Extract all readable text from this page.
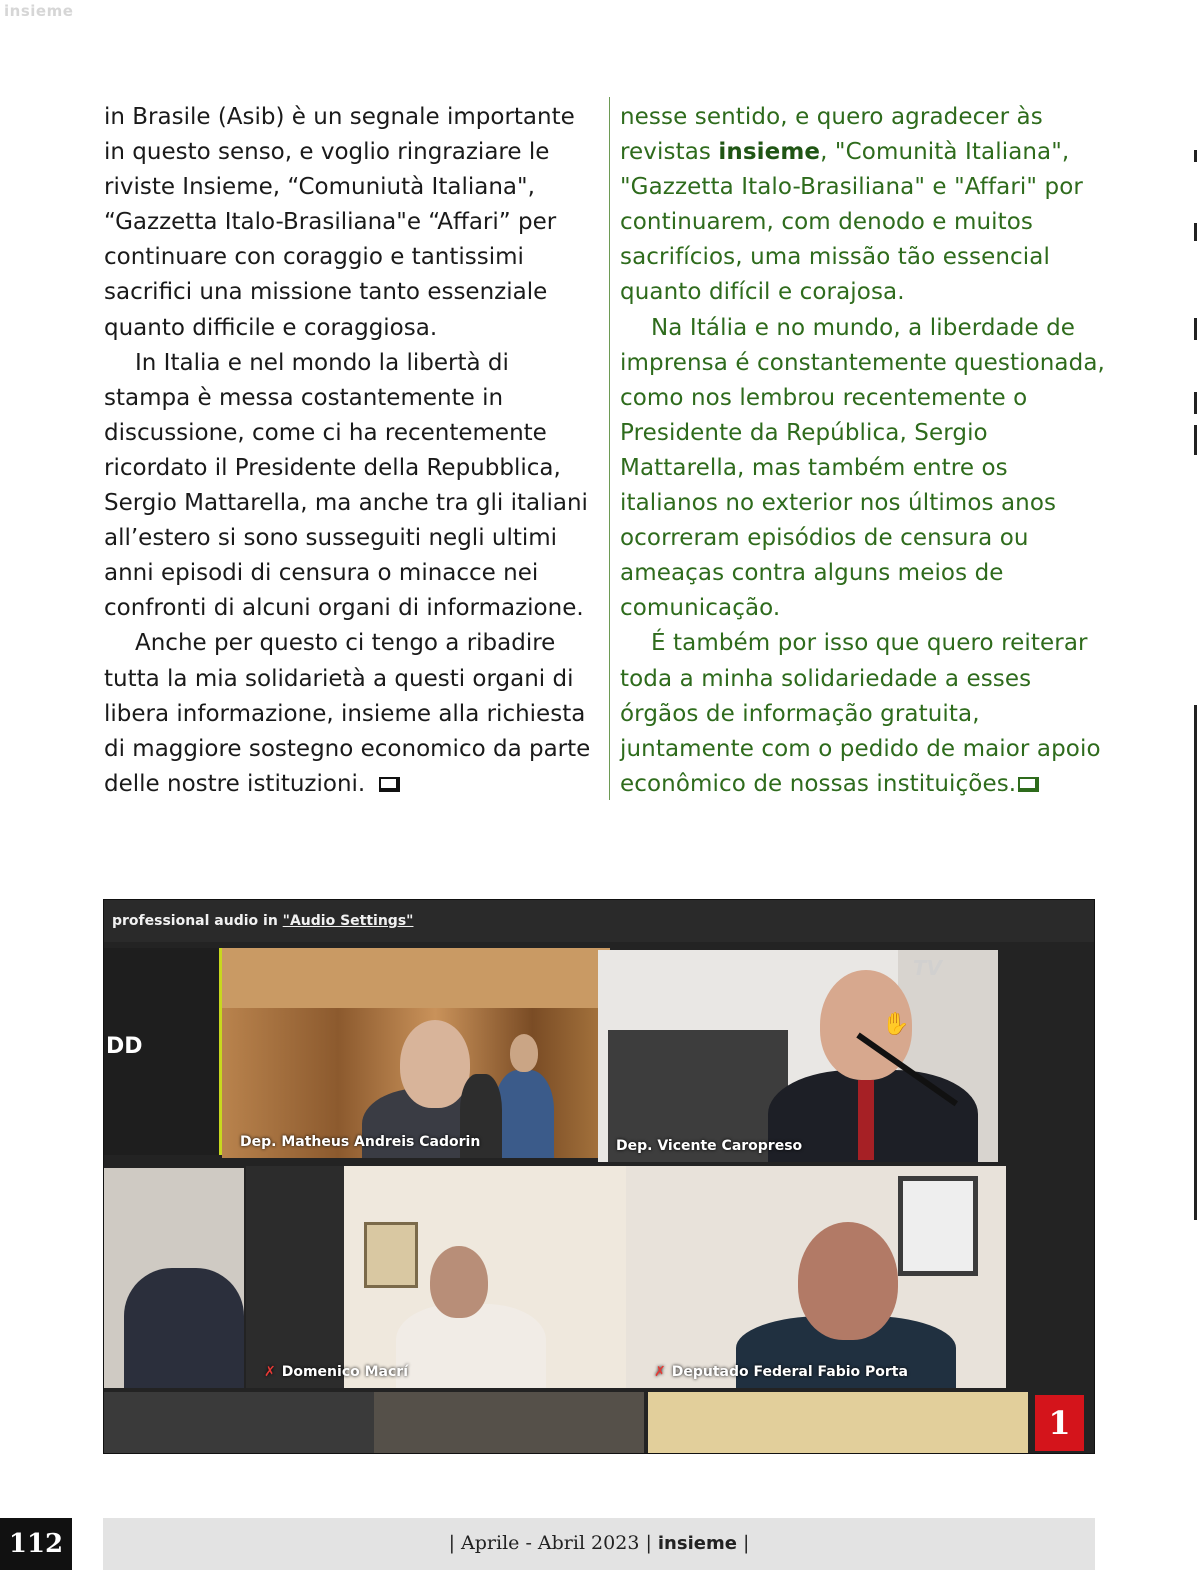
insieme

in Brasile (Asib) è un segnale importante in questo senso, e voglio ringraziare le riviste Insieme, “Comuniutà Italiana", “Gazzetta Italo-Brasiliana"e “Affari” per continuare con coraggio e tantissimi sacrifici una missione tanto essenziale quanto difficile e coraggiosa.

In Italia e nel mondo la libertà di stampa è messa costantemente in discussione, come ci ha recentemente ricordato il Presidente della Repubblica, Sergio Mattarella, ma anche tra gli italiani all’estero si sono susseguiti negli ultimi anni episodi di censura o minacce nei confronti di alcuni organi di informazione.

Anche per questo ci tengo a ribadire tutta la mia solidarietà a questi organi di libera informazione, insieme alla richiesta di maggiore sostegno economico da parte delle nostre istituzioni.

nesse sentido, e quero agradecer às revistas insieme, "Comunità Italiana", "Gazzetta Italo-Brasiliana" e "Affari" por continuarem, com denodo e muitos sacrifícios, uma missão tão essencial quanto difícil e corajosa.

Na Itália e no mundo, a liberdade de imprensa é constantemente questionada, como nos lembrou recentemente o Presidente da República, Sergio Mattarella, mas também entre os italianos no exterior nos últimos anos ocorreram episódios de censura ou ameaças contra alguns meios de comunicação.

É também por isso que quero reiterar toda a minha solidariedade a esses órgãos de informação gratuita, juntamente com o pedido de maior apoio econômico de nossas instituições.

professional audio in "Audio Settings"
DD
Dep. Matheus Andreis Cadorin
✋
TV
Dep. Vicente Caropreso
✗ Domenico Macrí	✗ Deputado Federal Fabio Porta
1
112	| Aprile - Abril 2023 | insieme |
